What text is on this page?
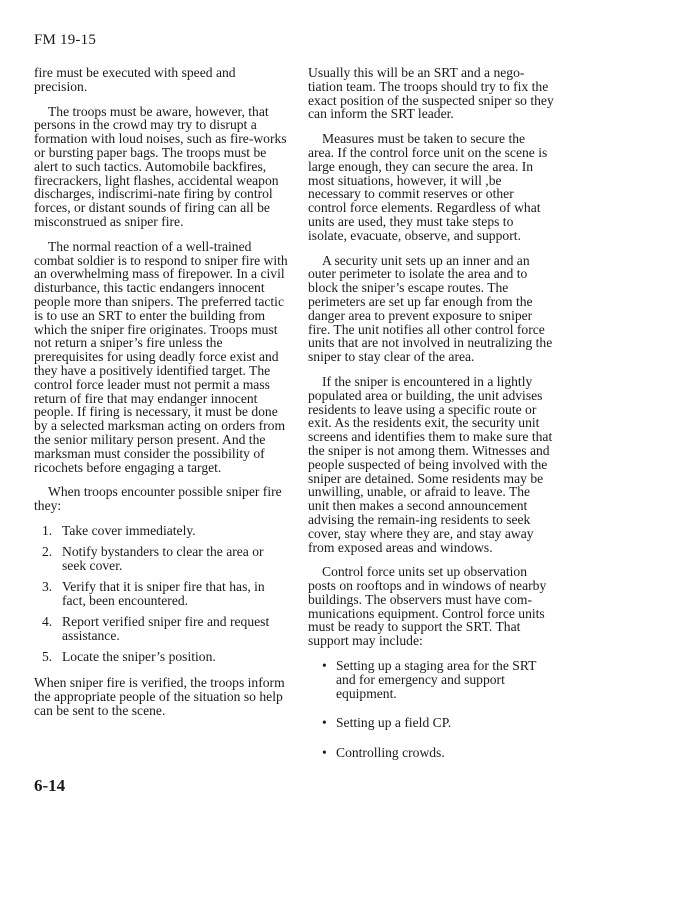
FM 19-15

fire must be executed with speed and precision.

The troops must be aware, however, that persons in the crowd may try to disrupt a formation with loud noises, such as fire-works or bursting paper bags. The troops must be alert to such tactics. Automobile backfires, firecrackers, light flashes, accidental weapon discharges, indiscrimi-nate firing by control forces, or distant sounds of firing can all be misconstrued as sniper fire.

The normal reaction of a well-trained combat soldier is to respond to sniper fire with an overwhelming mass of firepower. In a civil disturbance, this tactic endangers innocent people more than snipers. The preferred tactic is to use an SRT to enter the building from which the sniper fire originates. Troops must not return a sniper’s fire unless the prerequisites for using deadly force exist and they have a positively identified target. The control force leader must not permit a mass return of fire that may endanger innocent people. If firing is necessary, it must be done by a selected marksman acting on orders from the senior military person present. And the marksman must consider the possibility of ricochets before engaging a target.

When troops encounter possible sniper fire they:

1. Take cover immediately.
2. Notify bystanders to clear the area or seek cover.
3. Verify that it is sniper fire that has, in fact, been encountered.
4. Report verified sniper fire and request assistance.
5. Locate the sniper’s position.

When sniper fire is verified, the troops inform the appropriate people of the situation so help can be sent to the scene.

Usually this will be an SRT and a nego-tiation team. The troops should try to fix the exact position of the suspected sniper so they can inform the SRT leader.

Measures must be taken to secure the area. If the control force unit on the scene is large enough, they can secure the area. In most situations, however, it will ,be necessary to commit reserves or other control force elements. Regardless of what units are used, they must take steps to isolate, evacuate, observe, and support.

A security unit sets up an inner and an outer perimeter to isolate the area and to block the sniper’s escape routes. The perimeters are set up far enough from the danger area to prevent exposure to sniper fire. The unit notifies all other control force units that are not involved in neutralizing the sniper to stay clear of the area.

If the sniper is encountered in a lightly populated area or building, the unit advises residents to leave using a specific route or exit. As the residents exit, the security unit screens and identifies them to make sure that the sniper is not among them. Witnesses and people suspected of being involved with the sniper are detained. Some residents may be unwilling, unable, or afraid to leave. The unit then makes a second announcement advising the remain-ing residents to seek cover, stay where they are, and stay away from exposed areas and windows.

Control force units set up observation posts on rooftops and in windows of nearby buildings. The observers must have com-munications equipment. Control force units must be ready to support the SRT. That support may include:

• Setting up a staging area for the SRT and for emergency and support equipment.
• Setting up a field CP.
• Controlling crowds.
6-14
